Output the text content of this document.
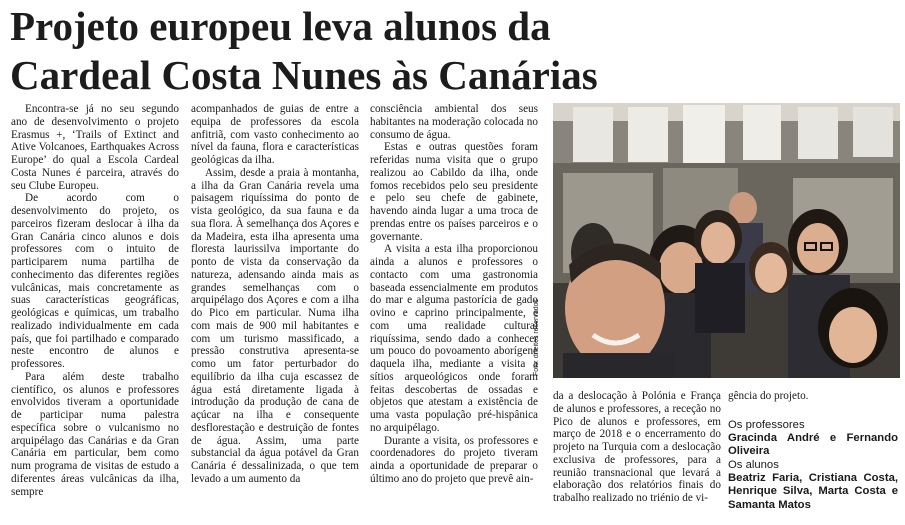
Projeto europeu leva alunos da
Cardeal Costa Nunes às Canárias

Encontra-se já no seu segundo ano de desenvolvimento o projeto Erasmus +, ‘Trails of Extinct and Ative Volcanoes, Earthquakes Across Europe’ do qual a Escola Cardeal Costa Nunes é parceira, através do seu Clube Europeu.

De acordo com o desenvolvimento do projeto, os parceiros fizeram deslocar à ilha da Gran Canária cinco alunos e dois professores com o intuito de participarem numa partilha de conhecimento das diferentes regiões vulcânicas, mais concretamente as suas características geográficas, geológicas e químicas, um trabalho realizado individualmente em cada país, que foi partilhado e comparado neste encontro de alunos e professores.

Para além deste trabalho científico, os alunos e professores envolvidos tiveram a oportunidade de participar numa palestra específica sobre o vulcanismo no arquipélago das Canárias e da Gran Canária em particular, bem como num programa de visitas de estudo a diferentes áreas vulcânicas da ilha, sempre

acompanhados de guias de entre a equipa de professores da escola anfitriã, com vasto conhecimento ao nível da fauna, flora e características geológicas da ilha.

Assim, desde a praia à montanha, a ilha da Gran Canária revela uma paisagem riquíssima do ponto de vista geológico, da sua fauna e da sua flora. À semelhança dos Açores e da Madeira, esta ilha apresenta uma floresta laurissilva importante do ponto de vista da conservação da natureza, adensando ainda mais as grandes semelhanças com o arquipélago dos Açores e com a ilha do Pico em particular. Numa ilha com mais de 900 mil habitantes e com um turismo massificado, a pressão construtiva apresenta-se como um fator perturbador do equilíbrio da ilha cuja escassez de água está diretamente ligada à introdução da produção de cana de açúcar na ilha e consequente desflorestação e destruição de fontes de água. Assim, uma parte substancial da água potável da Gran Canária é dessalinizada, o que tem levado a um aumento da

consciência ambiental dos seus habitantes na moderação colocada no consumo de água.

Estas e outras questões foram referidas numa visita que o grupo realizou ao Cabildo da ilha, onde fomos recebidos pelo seu presidente e pelo seu chefe de gabinete, havendo ainda lugar a uma troca de prendas entre os países parceiros e o governante.

A visita a esta ilha proporcionou ainda a alunos e professores o contacto com uma gastronomia baseada essencialmente em produtos do mar e alguma pastorícia de gado ovino e caprino principalmente, e com uma realidade cultural riquíssima, sendo dado a conhecer um pouco do povoamento aborígene daquela ilha, mediante a visita a sítios arqueológicos onde foram feitas descobertas de ossadas e objetos que atestam a existência de uma vasta população pré-hispânica no arquipélago.

Durante a visita, os professores e coordenadores do projeto tiveram ainda a oportunidade de preparar o último ano do projeto que prevê ain-

Foto: direitos reservados

da a deslocação à Polónia e França de alunos e professores, a receção no Pico de alunos e professores, em março de 2018 e o encerramento do projeto na Turquia com a deslocação exclusiva de professores, para a reunião transnacional que levará a elaboração dos relatórios finais do trabalho realizado no triénio de vi-

gência do projeto.

Os professores
Gracinda André e Fernando Oliveira
Os alunos
Beatriz Faria, Cristiana Costa, Henrique Silva, Marta Costa e Samanta Matos
